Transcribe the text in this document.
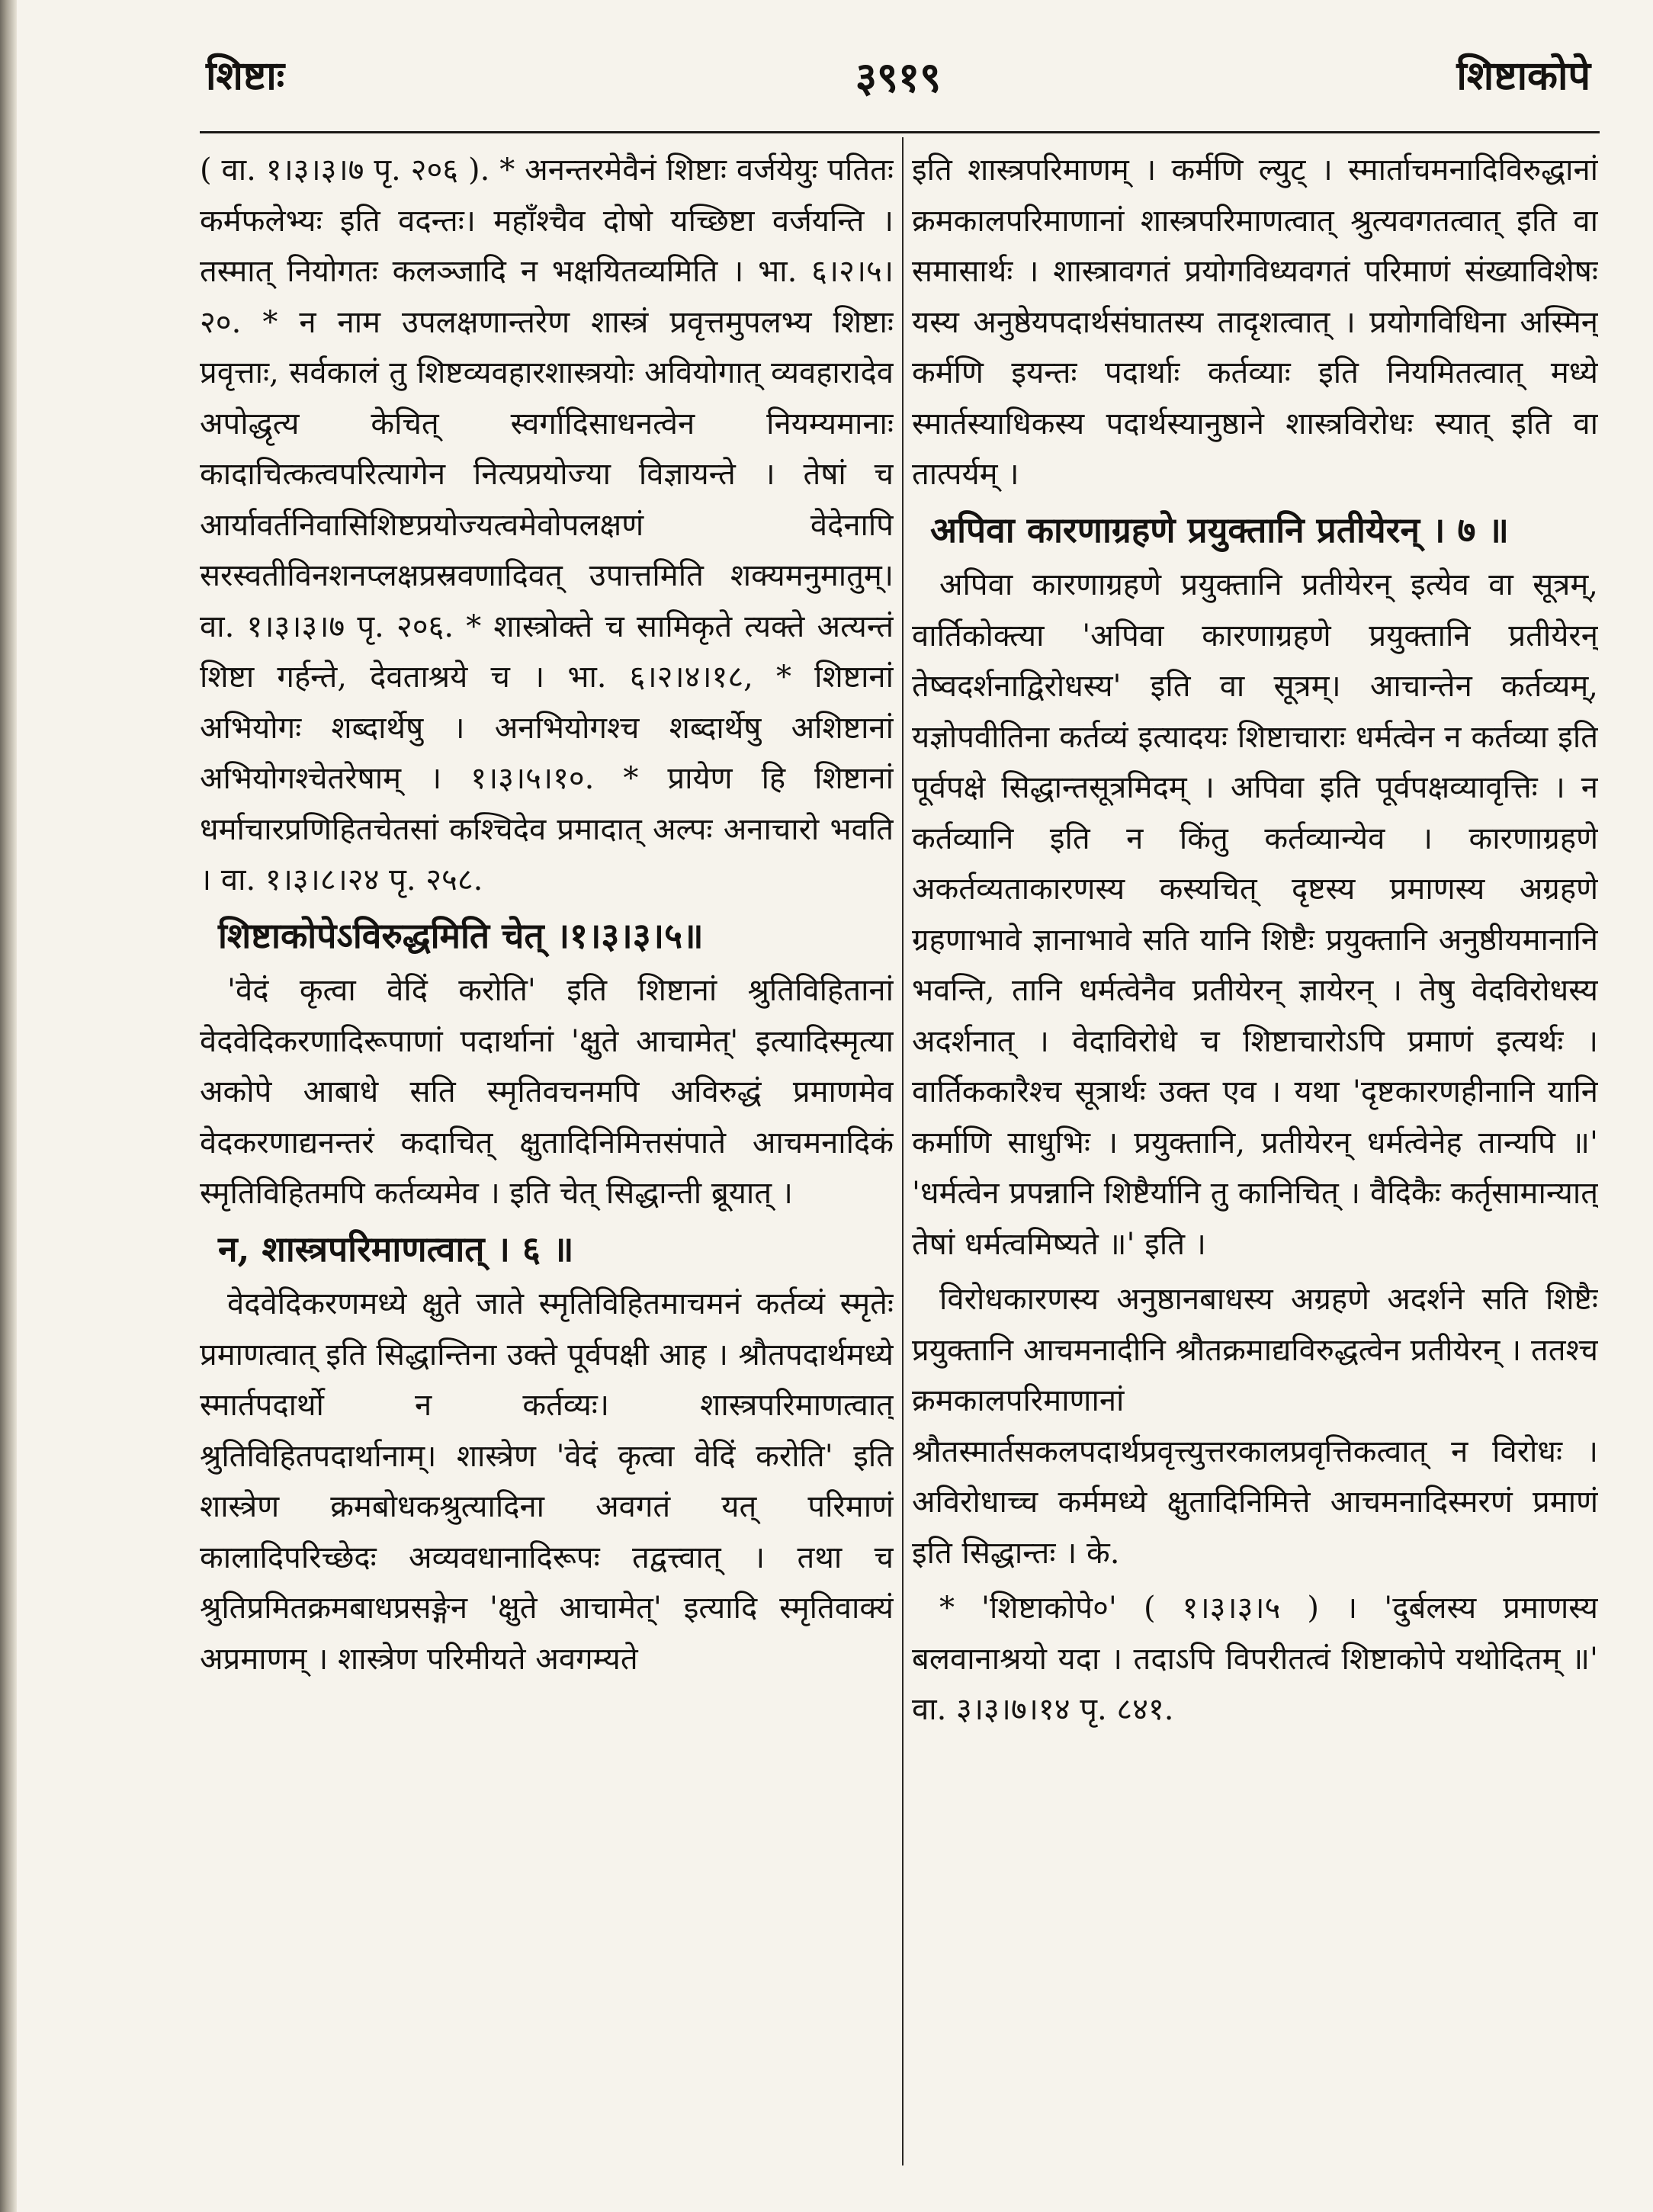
शिष्टाः	३९१९	शिष्टाकोपे

( वा. १।३।३।७ पृ. २०६ ). * अनन्तरमेवैनं शिष्टाः वर्जयेयुः पतितः कर्मफलेभ्यः इति वदन्तः। महाँश्चैव दोषो यच्छिष्टा वर्जयन्ति । तस्मात् नियोगतः कलञ्जादि न भक्षयितव्यमिति । भा. ६।२।५।२०. * न नाम उपलक्षणान्तरेण शास्त्रं प्रवृत्तमुपलभ्य शिष्टाः प्रवृत्ताः, सर्वकालं तु शिष्टव्यवहारशास्त्रयोः अवियोगात् व्यवहारादेव अपोद्धृत्य केचित् स्वर्गादिसाधनत्वेन नियम्यमानाः कादाचित्कत्वपरित्यागेन नित्यप्रयोज्या विज्ञायन्ते । तेषां च आर्यावर्तनिवासिशिष्टप्रयोज्यत्वमेवोपलक्षणं वेदेनापि सरस्वतीविनशनप्लक्षप्रस्रवणादिवत् उपात्तमिति शक्यमनुमातुम्। वा. १।३।३।७ पृ. २०६. * शास्त्रोक्ते च सामिकृते त्यक्ते अत्यन्तं शिष्टा गर्हन्ते, देवताश्रये च । भा. ६।२।४।१८, * शिष्टानां अभियोगः शब्दार्थेषु । अनभियोगश्च शब्दार्थेषु अशिष्टानां अभियोगश्चेतरेषाम् । १।३।५।१०. * प्रायेण हि शिष्टानां धर्माचारप्रणिहितचेतसां कश्चिदेव प्रमादात् अल्पः अनाचारो भवति । वा. १।३।८।२४ पृ. २५८.

शिष्टाकोपेऽविरुद्धमिति चेत् ।१।३।३।५॥

'वेदं कृत्वा वेदिं करोति' इति शिष्टानां श्रुतिविहितानां वेदवेदिकरणादिरूपाणां पदार्थानां 'क्षुते आचामेत्' इत्यादिस्मृत्या अकोपे आबाधे सति स्मृतिवचनमपि अविरुद्धं प्रमाणमेव वेदकरणाद्यनन्तरं कदाचित् क्षुतादिनिमित्तसंपाते आचमनादिकं स्मृतिविहितमपि कर्तव्यमेव । इति चेत् सिद्धान्ती ब्रूयात् ।

न, शास्त्रपरिमाणत्वात् । ६ ॥

वेदवेदिकरणमध्ये क्षुते जाते स्मृतिविहितमाचमनं कर्तव्यं स्मृतेः प्रमाणत्वात् इति सिद्धान्तिना उक्ते पूर्वपक्षी आह । श्रौतपदार्थमध्ये स्मार्तपदार्थो न कर्तव्यः। शास्त्रपरिमाणत्वात् श्रुतिविहितपदार्थानाम्। शास्त्रेण 'वेदं कृत्वा वेदिं करोति' इति शास्त्रेण क्रमबोधकश्रुत्यादिना अवगतं यत् परिमाणं कालादिपरिच्छेदः अव्यवधानादिरूपः तद्वत्त्वात् । तथा च श्रुतिप्रमितक्रमबाधप्रसङ्गेन 'क्षुते आचामेत्' इत्यादि स्मृतिवाक्यं अप्रमाणम् । शास्त्रेण परिमीयते अवगम्यते

इति शास्त्रपरिमाणम् । कर्मणि ल्युट् । स्मार्ताचमनादिविरुद्धानां क्रमकालपरिमाणानां शास्त्रपरिमाणत्वात् श्रुत्यवगतत्वात् इति वा समासार्थः । शास्त्रावगतं प्रयोगविध्यवगतं परिमाणं संख्याविशेषः यस्य अनुष्ठेयपदार्थसंघातस्य तादृशत्वात् । प्रयोगविधिना अस्मिन् कर्मणि इयन्तः पदार्थाः कर्तव्याः इति नियमितत्वात् मध्ये स्मार्तस्याधिकस्य पदार्थस्यानुष्ठाने शास्त्रविरोधः स्यात् इति वा तात्पर्यम् ।

अपिवा कारणाग्रहणे प्रयुक्तानि प्रतीयेरन् । ७ ॥

अपिवा कारणाग्रहणे प्रयुक्तानि प्रतीयेरन् इत्येव वा सूत्रम्, वार्तिकोक्त्या 'अपिवा कारणाग्रहणे प्रयुक्तानि प्रतीयेरन् तेष्वदर्शनाद्विरोधस्य' इति वा सूत्रम्। आचान्तेन कर्तव्यम्, यज्ञोपवीतिना कर्तव्यं इत्यादयः शिष्टाचाराः धर्मत्वेन न कर्तव्या इति पूर्वपक्षे सिद्धान्तसूत्रमिदम् । अपिवा इति पूर्वपक्षव्यावृत्तिः । न कर्तव्यानि इति न किंतु कर्तव्यान्येव । कारणाग्रहणे अकर्तव्यताकारणस्य कस्यचित् दृष्टस्य प्रमाणस्य अग्रहणे ग्रहणाभावे ज्ञानाभावे सति यानि शिष्टैः प्रयुक्तानि अनुष्ठीयमानानि भवन्ति, तानि धर्मत्वेनैव प्रतीयेरन् ज्ञायेरन् । तेषु वेदविरोधस्य अदर्शनात् । वेदाविरोधे च शिष्टाचारोऽपि प्रमाणं इत्यर्थः । वार्तिककारैश्च सूत्रार्थः उक्त एव । यथा 'दृष्टकारणहीनानि यानि कर्माणि साधुभिः । प्रयुक्तानि, प्रतीयेरन् धर्मत्वेनेह तान्यपि ॥' 'धर्मत्वेन प्रपन्नानि शिष्टैर्यानि तु कानिचित् । वैदिकैः कर्तृसामान्यात् तेषां धर्मत्वमिष्यते ॥' इति ।

विरोधकारणस्य अनुष्ठानबाधस्य अग्रहणे अदर्शने सति शिष्टैः प्रयुक्तानि आचमनादीनि श्रौतक्रमाद्यविरुद्धत्वेन प्रतीयेरन् । ततश्च क्रमकालपरिमाणानां श्रौतस्मार्तसकलपदार्थप्रवृत्त्युत्तरकालप्रवृत्तिकत्वात् न विरोधः । अविरोधाच्च कर्ममध्ये क्षुतादिनिमित्ते आचमनादिस्मरणं प्रमाणं इति सिद्धान्तः । के.

* 'शिष्टाकोपे०' ( १।३।३।५ ) । 'दुर्बलस्य प्रमाणस्य बलवानाश्रयो यदा । तदाऽपि विपरीतत्वं शिष्टाकोपे यथोदितम् ॥' वा. ३।३।७।१४ पृ. ८४१.
